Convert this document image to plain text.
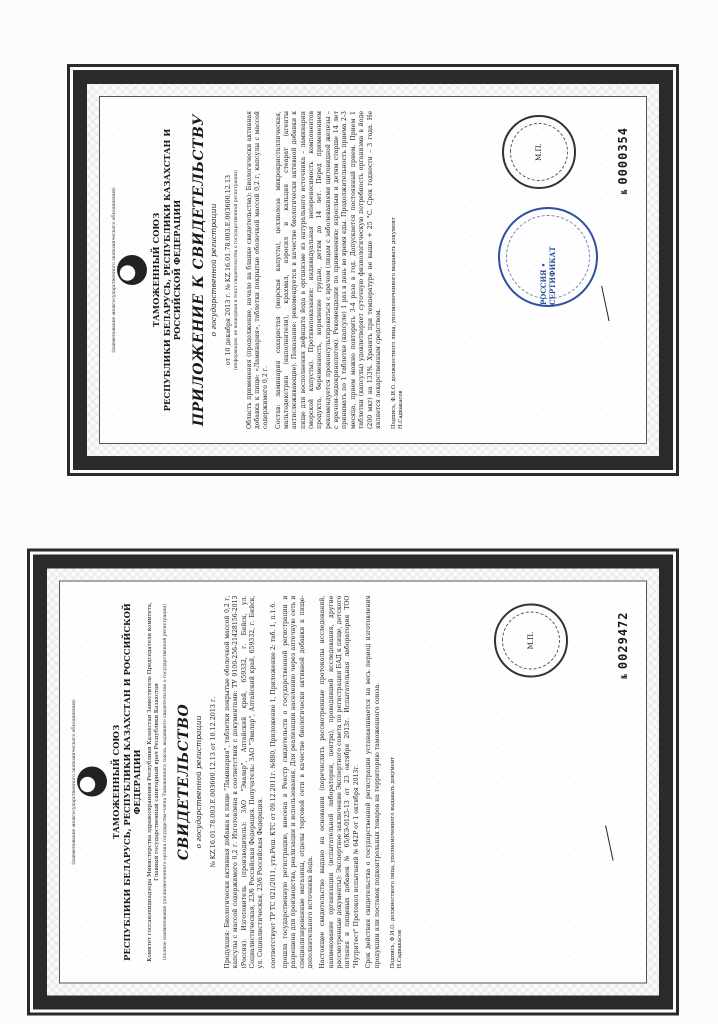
(наименование межгосударственного экономического объединения)	ТАМОЖЕННЫЙ СОЮЗ РЕСПУБЛИКИ БЕЛАРУСЬ, РЕСПУБЛИКИ КАЗАХСТАН И РОССИЙСКОЙ ФЕДЕРАЦИИ ПРИЛОЖЕНИЕ К СВИДЕТЕЛЬСТВУ о государственной регистрации от 10 декабря 2013 г. № KZ.16.01.78.003.E.003600.12.13 (информация, не вошедшая в текст свидетельства о государственной регистрации) Область применения (продолжение, начало на бланке свидетельства): Биологически активная добавка к пище: «Ламинария», таблетки покрытые оболочкой массой 0,2 г, капсулы с массой содержимого 0,2 г. Состав: ламинария сахаристая (морская капуста), целлюлоза микрокристаллическая, мальтодекстрин (наполнители), крахмал, аэросил и кальция стеарат (агенты антислеживающие). Показание: рекомендуется в качестве биологически активной добавки к пище для восполнения дефицита йода в организме из натурального источника – ламинарии (морской капусты). Противопоказания: индивидуальная непереносимость компонентов продукта, беременность, кормление грудью, детям до 14 лет. Перед применением рекомендуется проконсультироваться с врачом (лицам с заболеваниями щитовидной железы – с врачом-эндокринологом). Рекомендации по применению: взрослым и детям старше 14 лет принимать по 1 таблетке (капсуле) 1 раз в день во время еды. Продолжительность приема 2-3 месяца, прием можно повторить 3-4 раза в год. Допускается постоянный прием. Прием 1 таблетки (капсулы) удовлетворяет суточную физиологическую потребность организма в йоде (200 мкг) на 133%. Хранить при температуре не выше + 25 °С. Срок годности – 3 года. Не является лекарственным средством. Подпись, Ф.И.О. должностного лица, уполномоченного выдавать документ Н.Садвакасов
М.П.
РОССИЯ • СЕРТИФИКАТ
№0000354
(наименование межгосударственного экономического объединения)	ТАМОЖЕННЫЙ СОЮЗ РЕСПУБЛИКИ БЕЛАРУСЬ, РЕСПУБЛИКИ КАЗАХСТАН И РОССИЙСКОЙ ФЕДЕРАЦИИ Комитет госсанэпиднадзора Министерства здравоохранения Республики Казахстан Заместитель Председателя комитета, Главный государственный санитарный врач Республики Казахстан (полное наименование уполномоченного органа государства-члена Таможенного союза, выдавшего свидетельство о государственной регистрации) СВИДЕТЕЛЬСТВО о государственной регистрации № KZ.16.01.78.003.E.003600.12.13 от 10.12.2013 г. Продукция: Биологически активная добавка к пище "Ламинария", таблетки покрытые оболочкой массой 0,2 г, капсулы с массой содержимого 0,2 г. Изготовлена в соответствии с документами: ТУ 9100-256-21428156-2013 (Россия). Изготовитель (производитель): ЗАО "Эвалар", Алтайский край, 659332, г. Бийск, ул. Социалистическая, 23/6 Российская Федерация. Получатель: ЗАО "Эвалар", Алтайский край, 659332, г. Бийск, ул. Социалистическая, 23/6 Российская Федерация. соответствует ТР ТС 021/2011, утв.Реш. КТС от 09.12.2011г. №880, Приложение 1, Приложение 2: таб. 1, п.1.6. прошла государственную регистрацию, внесена в Реестр свидетельств о государственной регистрации и разрешена для производства, реализации и использования. Для реализации населению через аптечную сеть и специализированные магазины, отделы торговой сети в качестве биологически активной добавки к пище-дополнительного источника йода. Настоящее свидетельство выдано на основании (перечислить рассмотренные протоколы исследований, наименование организации (испытательной лаборатории, центра), проводившей исследования, другие рассмотренные документы): Экспертное заключение Экспертного совета по регистрации БАД к пище, детского питания и пищевых добавок № 65/КЭ-0125-13 от 23 октября 2013г. Испытательная лаборатория ТОО "Нутритест" Протокол испытаний № 642Р от 1 октября 2013г. Срок действия свидетельства о государственной регистрации устанавливается на весь период изготовления продукции или поставок подконтрольных товаров на территорию таможенного союза. Подпись, Ф.И.О. должностного лица, уполномоченного выдавать документ Н.Садвакасов
М.П.
№0029472
